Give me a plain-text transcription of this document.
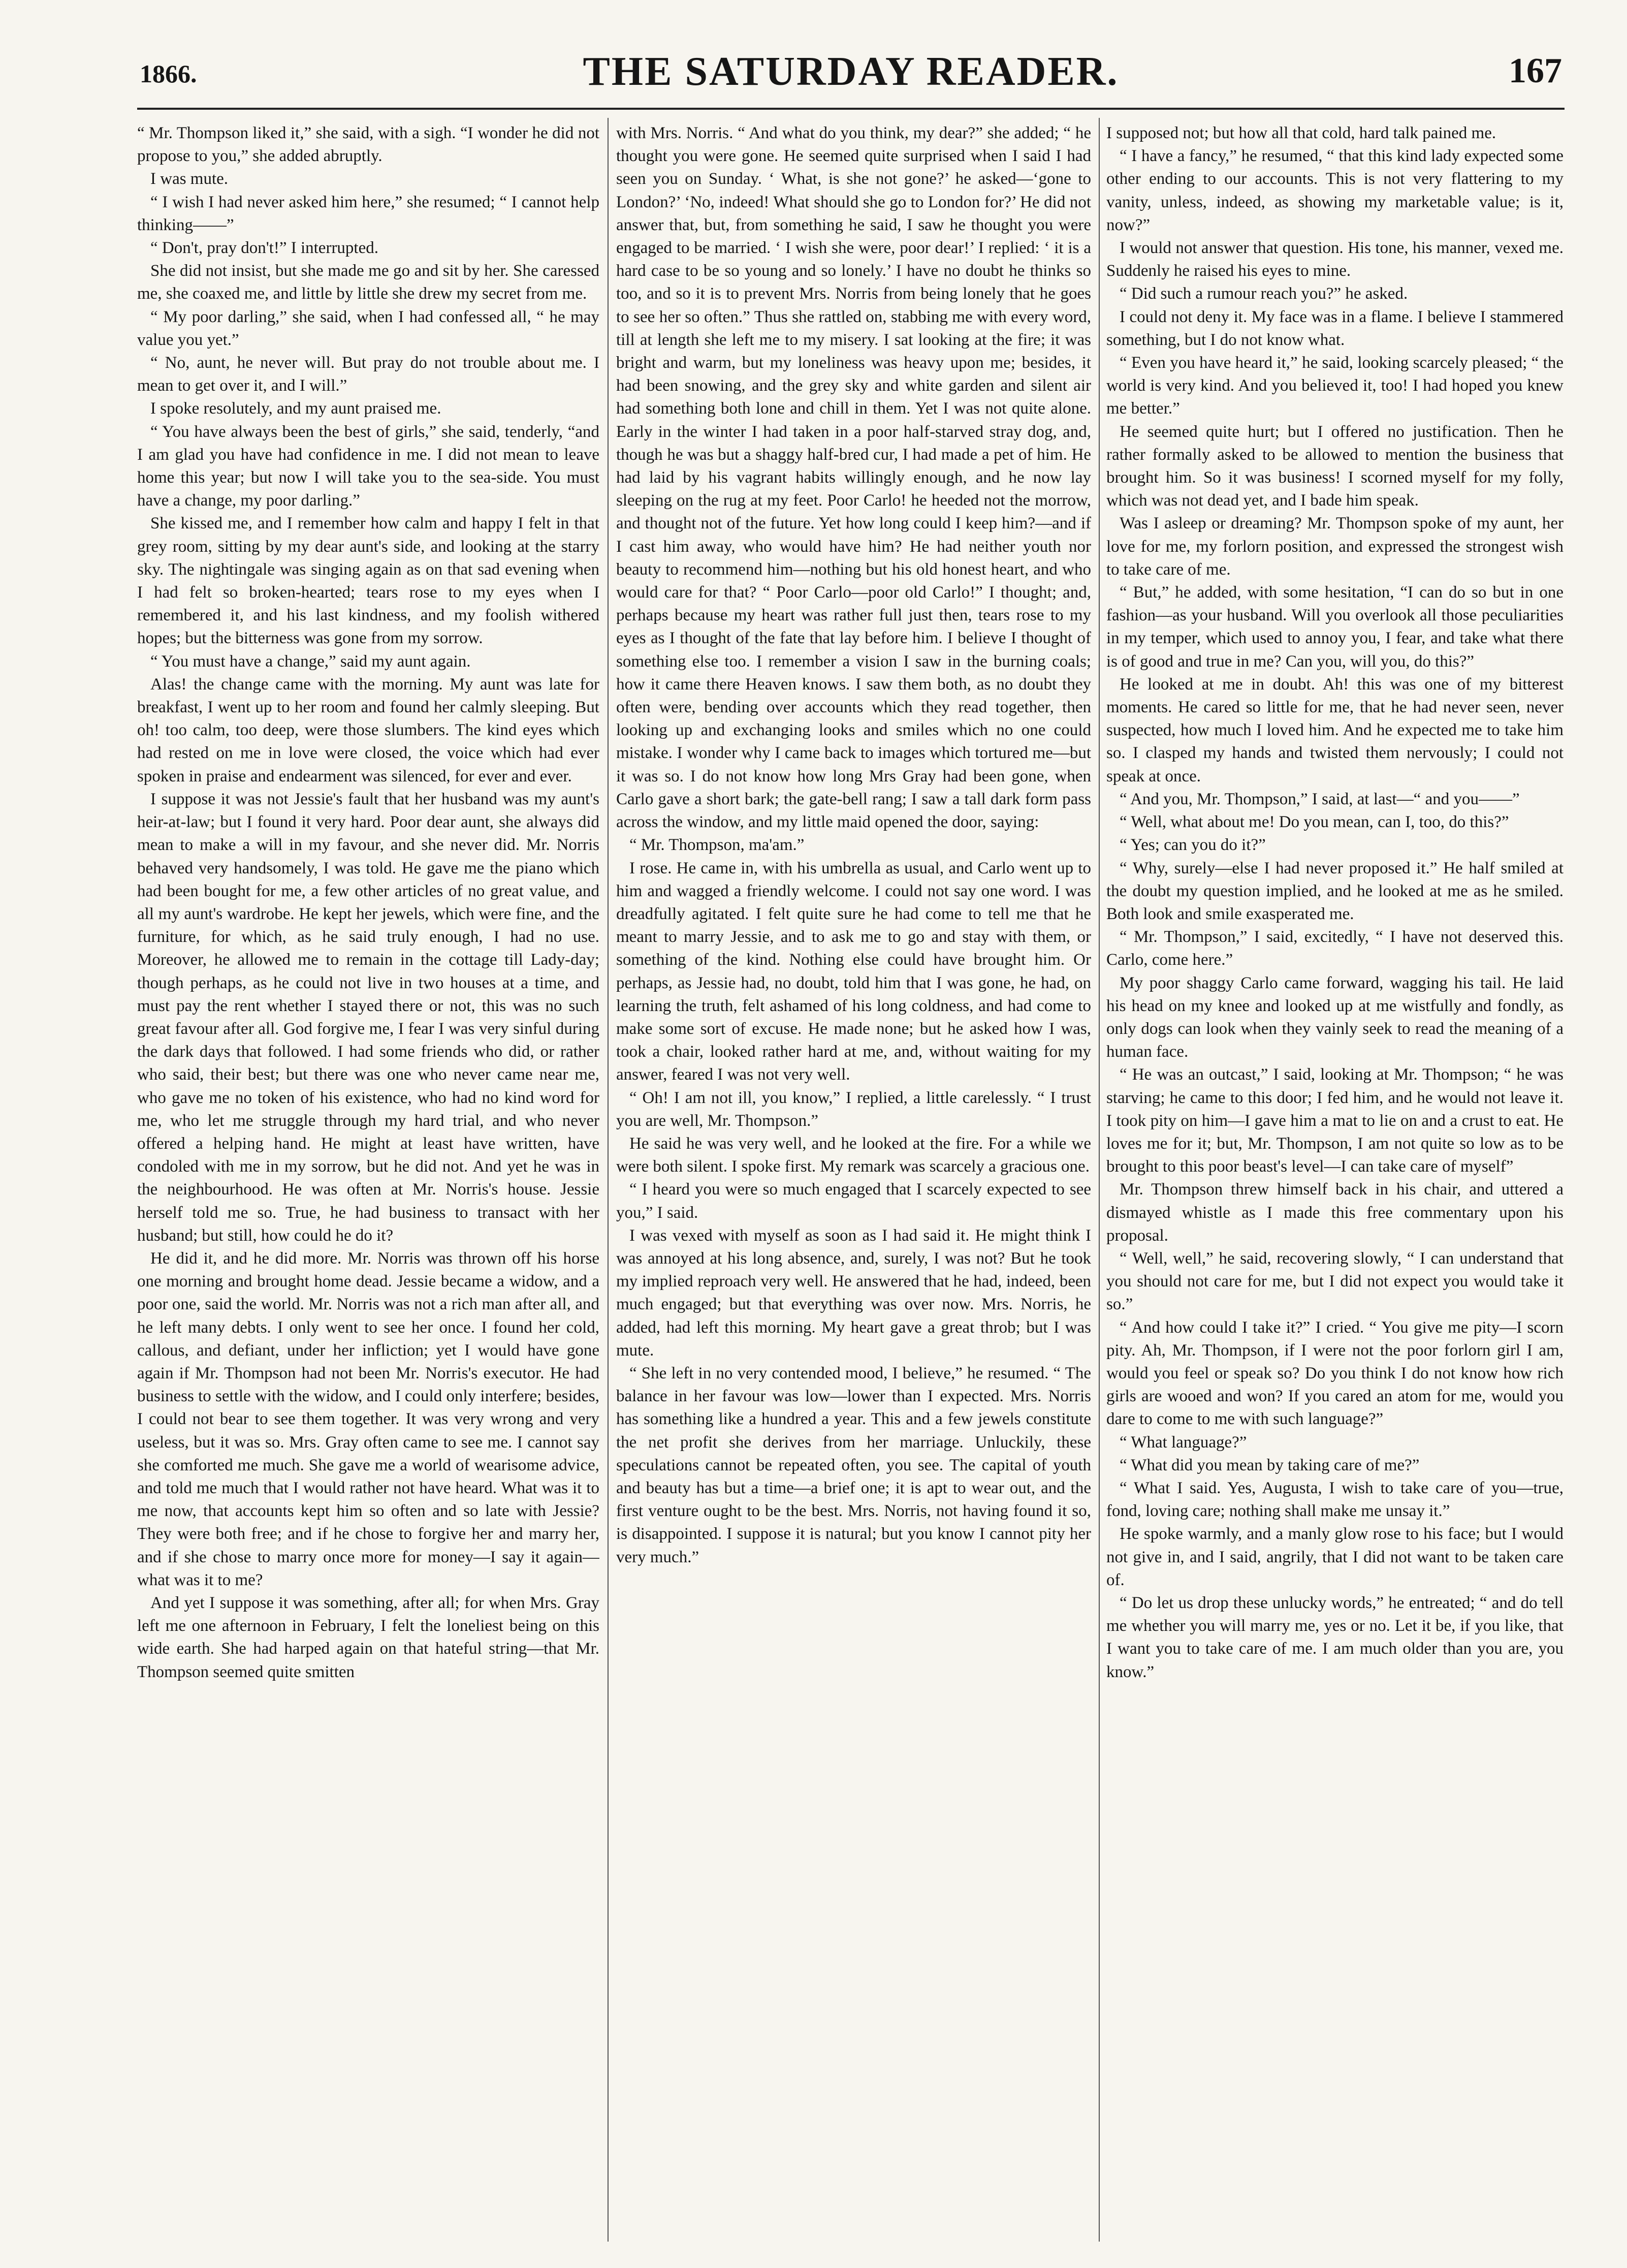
1866.	THE SATURDAY READER.	167

“ Mr. Thompson liked it,” she said, with a sigh. “I wonder he did not propose to you,” she added abruptly.

I was mute.

“ I wish I had never asked him here,” she resumed; “ I cannot help thinking——”

“ Don't, pray don't!” I interrupted.

She did not insist, but she made me go and sit by her. She caressed me, she coaxed me, and little by little she drew my secret from me.

“ My poor darling,” she said, when I had confessed all, “ he may value you yet.”

“ No, aunt, he never will. But pray do not trouble about me. I mean to get over it, and I will.”

I spoke resolutely, and my aunt praised me.

“ You have always been the best of girls,” she said, tenderly, “and I am glad you have had confidence in me. I did not mean to leave home this year; but now I will take you to the sea-side. You must have a change, my poor darling.”

She kissed me, and I remember how calm and happy I felt in that grey room, sitting by my dear aunt's side, and looking at the starry sky. The nightingale was singing again as on that sad evening when I had felt so broken-hearted; tears rose to my eyes when I remembered it, and his last kindness, and my foolish withered hopes; but the bitterness was gone from my sorrow.

“ You must have a change,” said my aunt again.

Alas! the change came with the morning. My aunt was late for breakfast, I went up to her room and found her calmly sleeping. But oh! too calm, too deep, were those slumbers. The kind eyes which had rested on me in love were closed, the voice which had ever spoken in praise and endearment was silenced, for ever and ever.

I suppose it was not Jessie's fault that her husband was my aunt's heir-at-law; but I found it very hard. Poor dear aunt, she always did mean to make a will in my favour, and she never did. Mr. Norris behaved very handsomely, I was told. He gave me the piano which had been bought for me, a few other articles of no great value, and all my aunt's wardrobe. He kept her jewels, which were fine, and the furniture, for which, as he said truly enough, I had no use. Moreover, he allowed me to remain in the cottage till Lady-day; though perhaps, as he could not live in two houses at a time, and must pay the rent whether I stayed there or not, this was no such great favour after all. God forgive me, I fear I was very sinful during the dark days that followed. I had some friends who did, or rather who said, their best; but there was one who never came near me, who gave me no token of his existence, who had no kind word for me, who let me struggle through my hard trial, and who never offered a helping hand. He might at least have written, have condoled with me in my sorrow, but he did not. And yet he was in the neighbourhood. He was often at Mr. Norris's house. Jessie herself told me so. True, he had business to transact with her husband; but still, how could he do it?

He did it, and he did more. Mr. Norris was thrown off his horse one morning and brought home dead. Jessie became a widow, and a poor one, said the world. Mr. Norris was not a rich man after all, and he left many debts. I only went to see her once. I found her cold, callous, and defiant, under her infliction; yet I would have gone again if Mr. Thompson had not been Mr. Norris's executor. He had business to settle with the widow, and I could only interfere; besides, I could not bear to see them together. It was very wrong and very useless, but it was so. Mrs. Gray often came to see me. I cannot say she comforted me much. She gave me a world of wearisome advice, and told me much that I would rather not have heard. What was it to me now, that accounts kept him so often and so late with Jessie? They were both free; and if he chose to forgive her and marry her, and if she chose to marry once more for money—I say it again—what was it to me?

And yet I suppose it was something, after all; for when Mrs. Gray left me one afternoon in February, I felt the loneliest being on this wide earth. She had harped again on that hateful string—that Mr. Thompson seemed quite smitten

with Mrs. Norris. “ And what do you think, my dear?” she added; “ he thought you were gone. He seemed quite surprised when I said I had seen you on Sunday. ‘ What, is she not gone?’ he asked—‘gone to London?’ ‘No, indeed! What should she go to London for?’ He did not answer that, but, from something he said, I saw he thought you were engaged to be married. ‘ I wish she were, poor dear!’ I replied: ‘ it is a hard case to be so young and so lonely.’ I have no doubt he thinks so too, and so it is to prevent Mrs. Norris from being lonely that he goes to see her so often.” Thus she rattled on, stabbing me with every word, till at length she left me to my misery. I sat looking at the fire; it was bright and warm, but my loneliness was heavy upon me; besides, it had been snowing, and the grey sky and white garden and silent air had something both lone and chill in them. Yet I was not quite alone. Early in the winter I had taken in a poor half-starved stray dog, and, though he was but a shaggy half-bred cur, I had made a pet of him. He had laid by his vagrant habits willingly enough, and he now lay sleeping on the rug at my feet. Poor Carlo! he heeded not the morrow, and thought not of the future. Yet how long could I keep him?—and if I cast him away, who would have him? He had neither youth nor beauty to recommend him—nothing but his old honest heart, and who would care for that? “ Poor Carlo—poor old Carlo!” I thought; and, perhaps because my heart was rather full just then, tears rose to my eyes as I thought of the fate that lay before him. I believe I thought of something else too. I remember a vision I saw in the burning coals; how it came there Heaven knows. I saw them both, as no doubt they often were, bending over accounts which they read together, then looking up and exchanging looks and smiles which no one could mistake. I wonder why I came back to images which tortured me—but it was so. I do not know how long Mrs Gray had been gone, when Carlo gave a short bark; the gate-bell rang; I saw a tall dark form pass across the window, and my little maid opened the door, saying:

“ Mr. Thompson, ma'am.”

I rose. He came in, with his umbrella as usual, and Carlo went up to him and wagged a friendly welcome. I could not say one word. I was dreadfully agitated. I felt quite sure he had come to tell me that he meant to marry Jessie, and to ask me to go and stay with them, or something of the kind. Nothing else could have brought him. Or perhaps, as Jessie had, no doubt, told him that I was gone, he had, on learning the truth, felt ashamed of his long coldness, and had come to make some sort of excuse. He made none; but he asked how I was, took a chair, looked rather hard at me, and, without waiting for my answer, feared I was not very well.

“ Oh! I am not ill, you know,” I replied, a little carelessly. “ I trust you are well, Mr. Thompson.”

He said he was very well, and he looked at the fire. For a while we were both silent. I spoke first. My remark was scarcely a gracious one.

“ I heard you were so much engaged that I scarcely expected to see you,” I said.

I was vexed with myself as soon as I had said it. He might think I was annoyed at his long absence, and, surely, I was not? But he took my implied reproach very well. He answered that he had, indeed, been much engaged; but that everything was over now. Mrs. Norris, he added, had left this morning. My heart gave a great throb; but I was mute.

“ She left in no very contended mood, I believe,” he resumed. “ The balance in her favour was low—lower than I expected. Mrs. Norris has something like a hundred a year. This and a few jewels constitute the net profit she derives from her marriage. Unluckily, these speculations cannot be repeated often, you see. The capital of youth and beauty has but a time—a brief one; it is apt to wear out, and the first venture ought to be the best. Mrs. Norris, not having found it so, is disappointed. I suppose it is natural; but you know I cannot pity her very much.”

I supposed not; but how all that cold, hard talk pained me.

“ I have a fancy,” he resumed, “ that this kind lady expected some other ending to our accounts. This is not very flattering to my vanity, unless, indeed, as showing my marketable value; is it, now?”

I would not answer that question. His tone, his manner, vexed me. Suddenly he raised his eyes to mine.

“ Did such a rumour reach you?” he asked.

I could not deny it. My face was in a flame. I believe I stammered something, but I do not know what.

“ Even you have heard it,” he said, looking scarcely pleased; “ the world is very kind. And you believed it, too! I had hoped you knew me better.”

He seemed quite hurt; but I offered no justification. Then he rather formally asked to be allowed to mention the business that brought him. So it was business! I scorned myself for my folly, which was not dead yet, and I bade him speak.

Was I asleep or dreaming? Mr. Thompson spoke of my aunt, her love for me, my forlorn position, and expressed the strongest wish to take care of me.

“ But,” he added, with some hesitation, “I can do so but in one fashion—as your husband. Will you overlook all those peculiarities in my temper, which used to annoy you, I fear, and take what there is of good and true in me? Can you, will you, do this?”

He looked at me in doubt. Ah! this was one of my bitterest moments. He cared so little for me, that he had never seen, never suspected, how much I loved him. And he expected me to take him so. I clasped my hands and twisted them nervously; I could not speak at once.

“ And you, Mr. Thompson,” I said, at last—“ and you——”

“ Well, what about me! Do you mean, can I, too, do this?”

“ Yes; can you do it?”

“ Why, surely—else I had never proposed it.” He half smiled at the doubt my question implied, and he looked at me as he smiled. Both look and smile exasperated me.

“ Mr. Thompson,” I said, excitedly, “ I have not deserved this. Carlo, come here.”

My poor shaggy Carlo came forward, wagging his tail. He laid his head on my knee and looked up at me wistfully and fondly, as only dogs can look when they vainly seek to read the meaning of a human face.

“ He was an outcast,” I said, looking at Mr. Thompson; “ he was starving; he came to this door; I fed him, and he would not leave it. I took pity on him—I gave him a mat to lie on and a crust to eat. He loves me for it; but, Mr. Thompson, I am not quite so low as to be brought to this poor beast's level—I can take care of myself”

Mr. Thompson threw himself back in his chair, and uttered a dismayed whistle as I made this free commentary upon his proposal.

“ Well, well,” he said, recovering slowly, “ I can understand that you should not care for me, but I did not expect you would take it so.”

“ And how could I take it?” I cried. “ You give me pity—I scorn pity. Ah, Mr. Thompson, if I were not the poor forlorn girl I am, would you feel or speak so? Do you think I do not know how rich girls are wooed and won? If you cared an atom for me, would you dare to come to me with such language?”

“ What language?”

“ What did you mean by taking care of me?”

“ What I said. Yes, Augusta, I wish to take care of you—true, fond, loving care; nothing shall make me unsay it.”

He spoke warmly, and a manly glow rose to his face; but I would not give in, and I said, angrily, that I did not want to be taken care of.

“ Do let us drop these unlucky words,” he entreated; “ and do tell me whether you will marry me, yes or no. Let it be, if you like, that I want you to take care of me. I am much older than you are, you know.”
